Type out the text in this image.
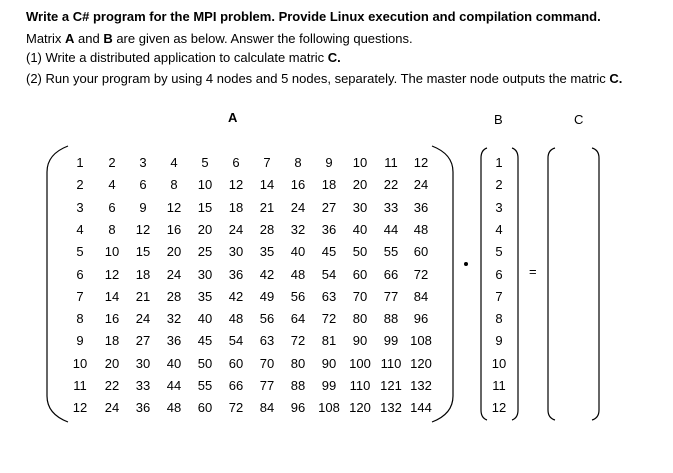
Write a C# program for the MPI problem. Provide Linux execution and compilation command.
Matrix A and B are given as below. Answer the following questions.
(1) Write a distributed application to calculate matric C.
(2) Run your program by using 4 nodes and 5 nodes, separately. The master node outputs the matric C.
A	B	C
1	2	3	4	5	6	7	8	9	10	11	12
2	4	6	8	10	12	14	16	18	20	22	24
3	6	9	12	15	18	21	24	27	30	33	36
4	8	12	16	20	24	28	32	36	40	44	48
5	10	15	20	25	30	35	40	45	50	55	60
6	12	18	24	30	36	42	48	54	60	66	72
7	14	21	28	35	42	49	56	63	70	77	84
8	16	24	32	40	48	56	64	72	80	88	96
9	18	27	36	45	54	63	72	81	90	99 108
10	20	30	40	50	60	70	80	90 100 110 120
11	22	33	44	55	66	77	88	99	110 121 132
12	24	36	48	60	72	84	96 108 120 132 144
1
2
3
4
5
6
7
8
9
10
11
12
=
